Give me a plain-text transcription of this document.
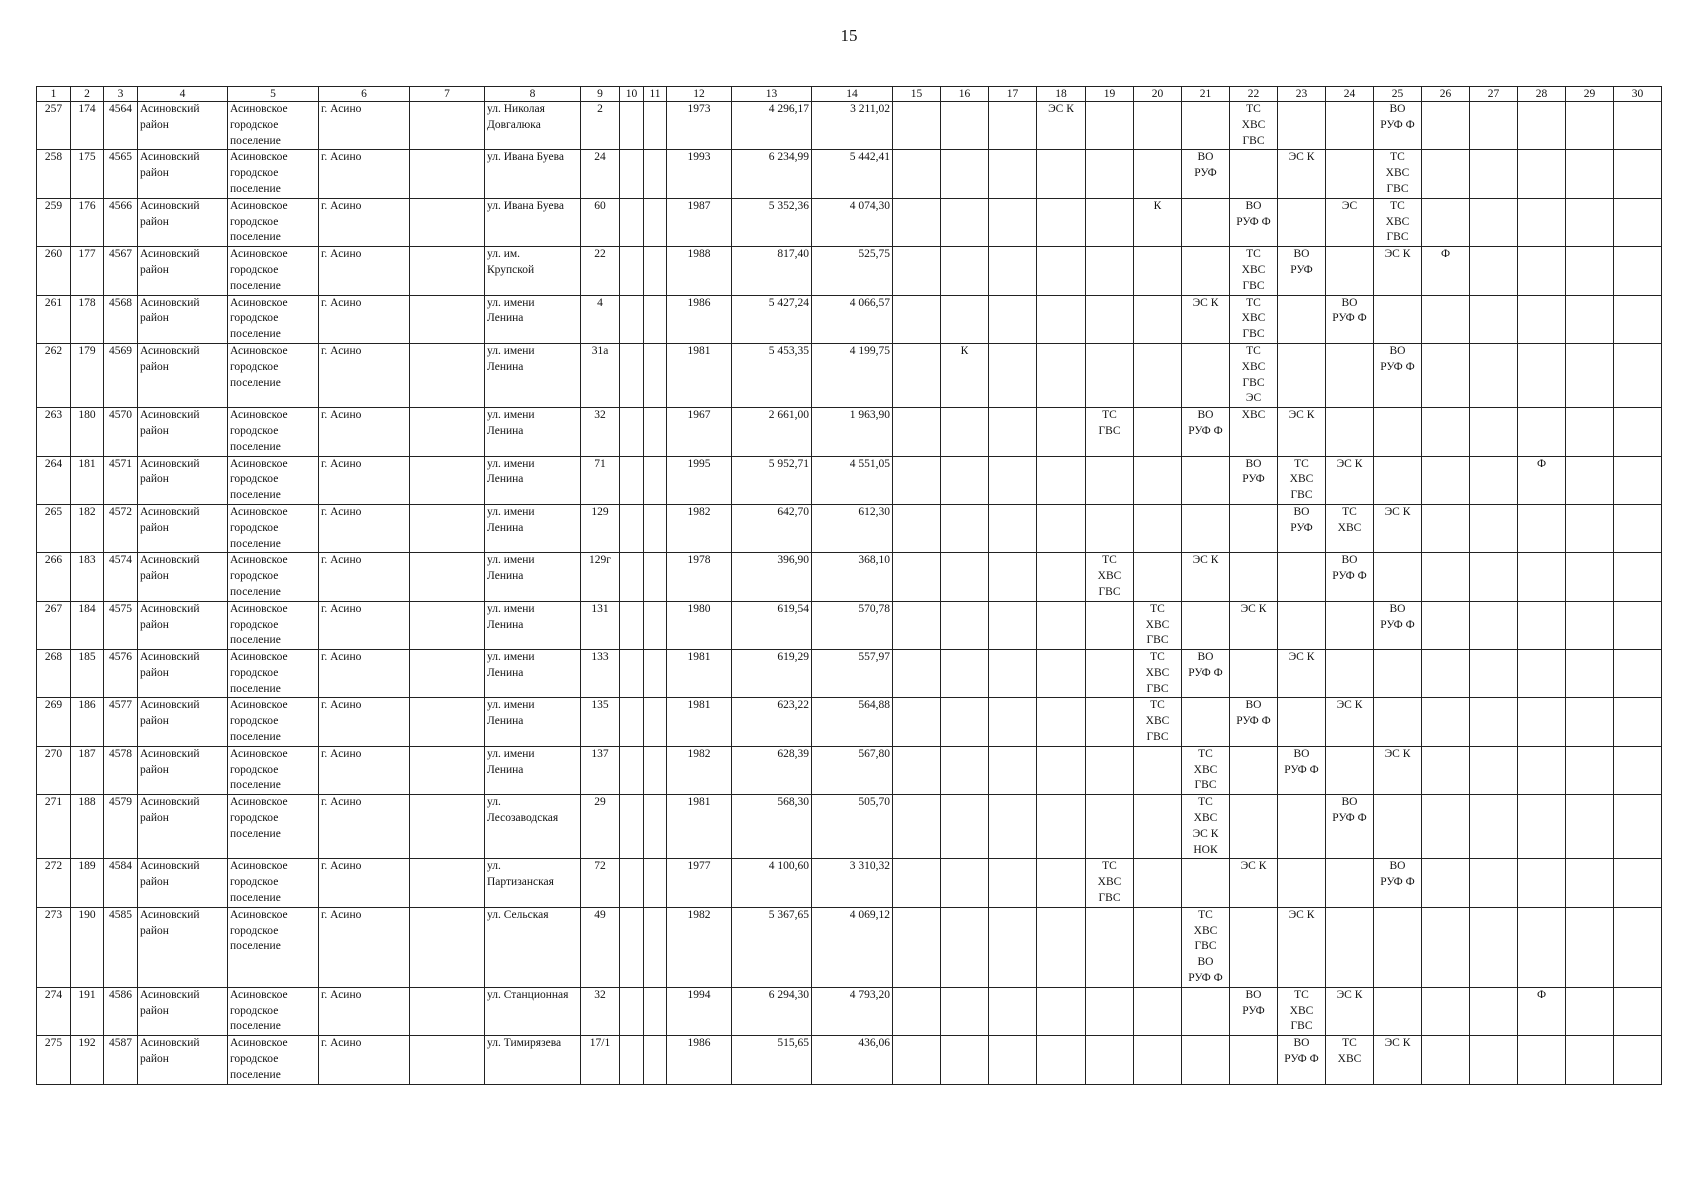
15
1	2	3	4	5	6	7	8	9	10	11	12	13	14	15	16	17	18	19	20	21	22	23	24	25	26	27	28	29	30
257	174	4564	Асиновский
район	Асиновское
городское
поселение	г. Асино		ул. Николая
Довгалюка	2			1973	4 296,17	3 211,02				ЭС К				ТС
ХВС
ГВС			ВО
РУФ Ф					
258	175	4565	Асиновский
район	Асиновское
городское
поселение	г. Асино		ул. Ивана Буева	24			1993	6 234,99	5 442,41							ВО
РУФ		ЭС К		ТС
ХВС
ГВС					
259	176	4566	Асиновский
район	Асиновское
городское
поселение	г. Асино		ул. Ивана Буева	60			1987	5 352,36	4 074,30						К		ВО
РУФ Ф		ЭС	ТС
ХВС
ГВС					
260	177	4567	Асиновский
район	Асиновское
городское
поселение	г. Асино		ул. им.
Крупской	22			1988	817,40	525,75								ТС
ХВС
ГВС	ВО
РУФ		ЭС К	Ф				
261	178	4568	Асиновский
район	Асиновское
городское
поселение	г. Асино		ул. имени
Ленина	4			1986	5 427,24	4 066,57							ЭС К	ТС
ХВС
ГВС		ВО
РУФ Ф						
262	179	4569	Асиновский
район	Асиновское
городское
поселение	г. Асино		ул. имени
Ленина	31а			1981	5 453,35	4 199,75		К						ТС
ХВС
ГВС
ЭС			ВО
РУФ Ф					
263	180	4570	Асиновский
район	Асиновское
городское
поселение	г. Асино		ул. имени
Ленина	32			1967	2 661,00	1 963,90					ТС
ГВС		ВО
РУФ Ф	ХВС	ЭС К							
264	181	4571	Асиновский
район	Асиновское
городское
поселение	г. Асино		ул. имени
Ленина	71			1995	5 952,71	4 551,05								ВО
РУФ	ТС
ХВС
ГВС	ЭС К				Ф		
265	182	4572	Асиновский
район	Асиновское
городское
поселение	г. Асино		ул. имени
Ленина	129			1982	642,70	612,30									ВО
РУФ	ТС
ХВС	ЭС К					
266	183	4574	Асиновский
район	Асиновское
городское
поселение	г. Асино		ул. имени
Ленина	129г			1978	396,90	368,10					ТС
ХВС
ГВС		ЭС К			ВО
РУФ Ф						
267	184	4575	Асиновский
район	Асиновское
городское
поселение	г. Асино		ул. имени
Ленина	131			1980	619,54	570,78						ТС
ХВС
ГВС		ЭС К			ВО
РУФ Ф					
268	185	4576	Асиновский
район	Асиновское
городское
поселение	г. Асино		ул. имени
Ленина	133			1981	619,29	557,97						ТС
ХВС
ГВС	ВО
РУФ Ф		ЭС К							
269	186	4577	Асиновский
район	Асиновское
городское
поселение	г. Асино		ул. имени
Ленина	135			1981	623,22	564,88						ТС
ХВС
ГВС		ВО
РУФ Ф		ЭС К						
270	187	4578	Асиновский
район	Асиновское
городское
поселение	г. Асино		ул. имени
Ленина	137			1982	628,39	567,80							ТС
ХВС
ГВС		ВО
РУФ Ф		ЭС К					
271	188	4579	Асиновский
район	Асиновское
городское
поселение	г. Асино		ул.
Лесозаводская	29			1981	568,30	505,70							ТС
ХВС
ЭС К
НОК			ВО
РУФ Ф						
272	189	4584	Асиновский
район	Асиновское
городское
поселение	г. Асино		ул.
Партизанская	72			1977	4 100,60	3 310,32					ТС
ХВС
ГВС			ЭС К			ВО
РУФ Ф					
273	190	4585	Асиновский
район	Асиновское
городское
поселение	г. Асино		ул. Сельская	49			1982	5 367,65	4 069,12							ТС
ХВС
ГВС
ВО
РУФ Ф		ЭС К							
274	191	4586	Асиновский
район	Асиновское
городское
поселение	г. Асино		ул. Станционная	32			1994	6 294,30	4 793,20								ВО
РУФ	ТС
ХВС
ГВС	ЭС К				Ф		
275	192	4587	Асиновский
район	Асиновское
городское
поселение	г. Асино		ул. Тимирязева	17/1			1986	515,65	436,06									ВО
РУФ Ф	ТС
ХВС	ЭС К					
